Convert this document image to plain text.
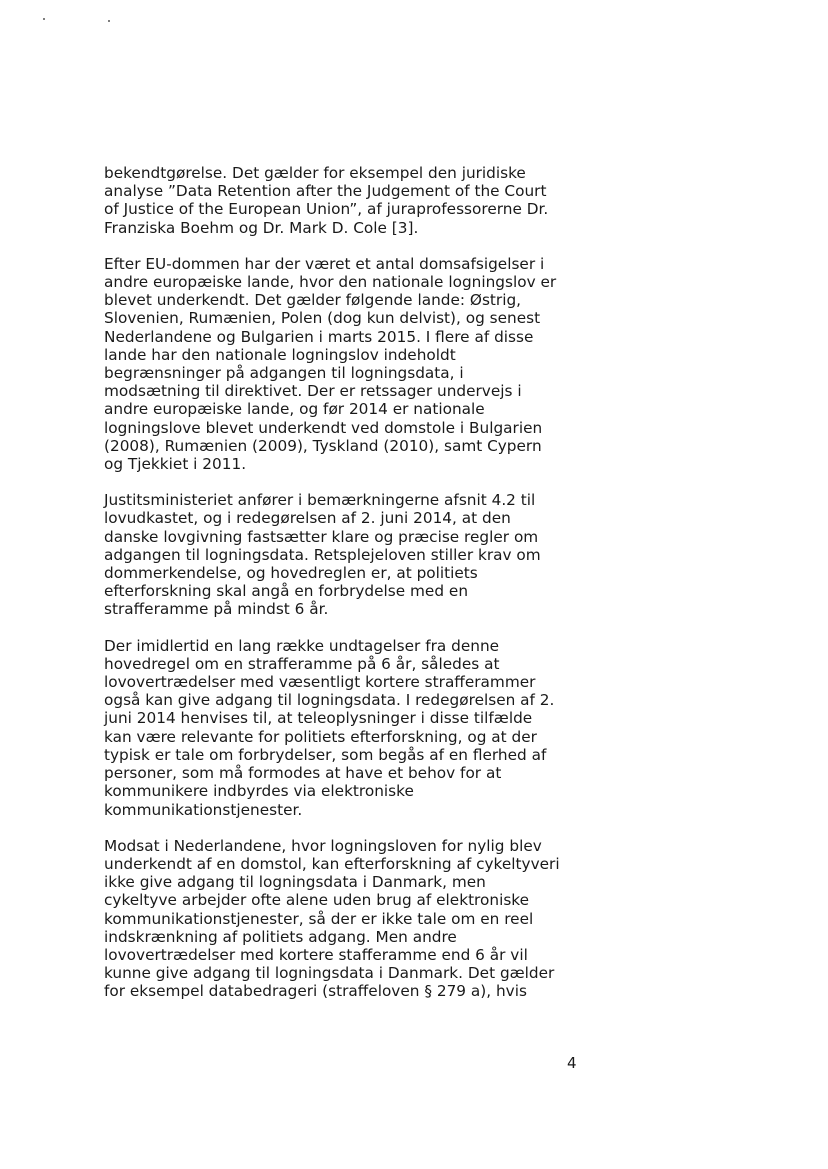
bekendtgørelse. Det gælder for eksempel den juridiske
analyse ”Data Retention after the Judgement of the Court
of Justice of the European Union”, af juraprofessorerne Dr.
Franziska Boehm og Dr. Mark D. Cole [3].

Efter EU-dommen har der været et antal domsafsigelser i
andre europæiske lande, hvor den nationale logningslov er
blevet underkendt. Det gælder følgende lande: Østrig,
Slovenien, Rumænien, Polen (dog kun delvist), og senest
Nederlandene og Bulgarien i marts 2015. I flere af disse
lande har den nationale logningslov indeholdt
begrænsninger på adgangen til logningsdata, i
modsætning til direktivet. Der er retssager undervejs i
andre europæiske lande, og før 2014 er nationale
logningslove blevet underkendt ved domstole i Bulgarien
(2008), Rumænien (2009), Tyskland (2010), samt Cypern
og Tjekkiet i 2011.

Justitsministeriet anfører i bemærkningerne afsnit 4.2 til
lovudkastet, og i redegørelsen af 2. juni 2014, at den
danske lovgivning fastsætter klare og præcise regler om
adgangen til logningsdata. Retsplejeloven stiller krav om
dommerkendelse, og hovedreglen er, at politiets
efterforskning skal angå en forbrydelse med en
strafferamme på mindst 6 år.

Der imidlertid en lang række undtagelser fra denne
hovedregel om en strafferamme på 6 år, således at
lovovertrædelser med væsentligt kortere strafferammer
også kan give adgang til logningsdata. I redegørelsen af 2.
juni 2014 henvises til, at teleoplysninger i disse tilfælde
kan være relevante for politiets efterforskning, og at der
typisk er tale om forbrydelser, som begås af en flerhed af
personer, som må formodes at have et behov for at
kommunikere indbyrdes via elektroniske
kommunikationstjenester.

Modsat i Nederlandene, hvor logningsloven for nylig blev
underkendt af en domstol, kan efterforskning af cykeltyveri
ikke give adgang til logningsdata i Danmark, men
cykeltyve arbejder ofte alene uden brug af elektroniske
kommunikationstjenester, så der er ikke tale om en reel
indskrænkning af politiets adgang. Men andre
lovovertrædelser med kortere stafferamme end 6 år vil
kunne give adgang til logningsdata i Danmark. Det gælder
for eksempel databedrageri (straffeloven § 279 a), hvis

4
